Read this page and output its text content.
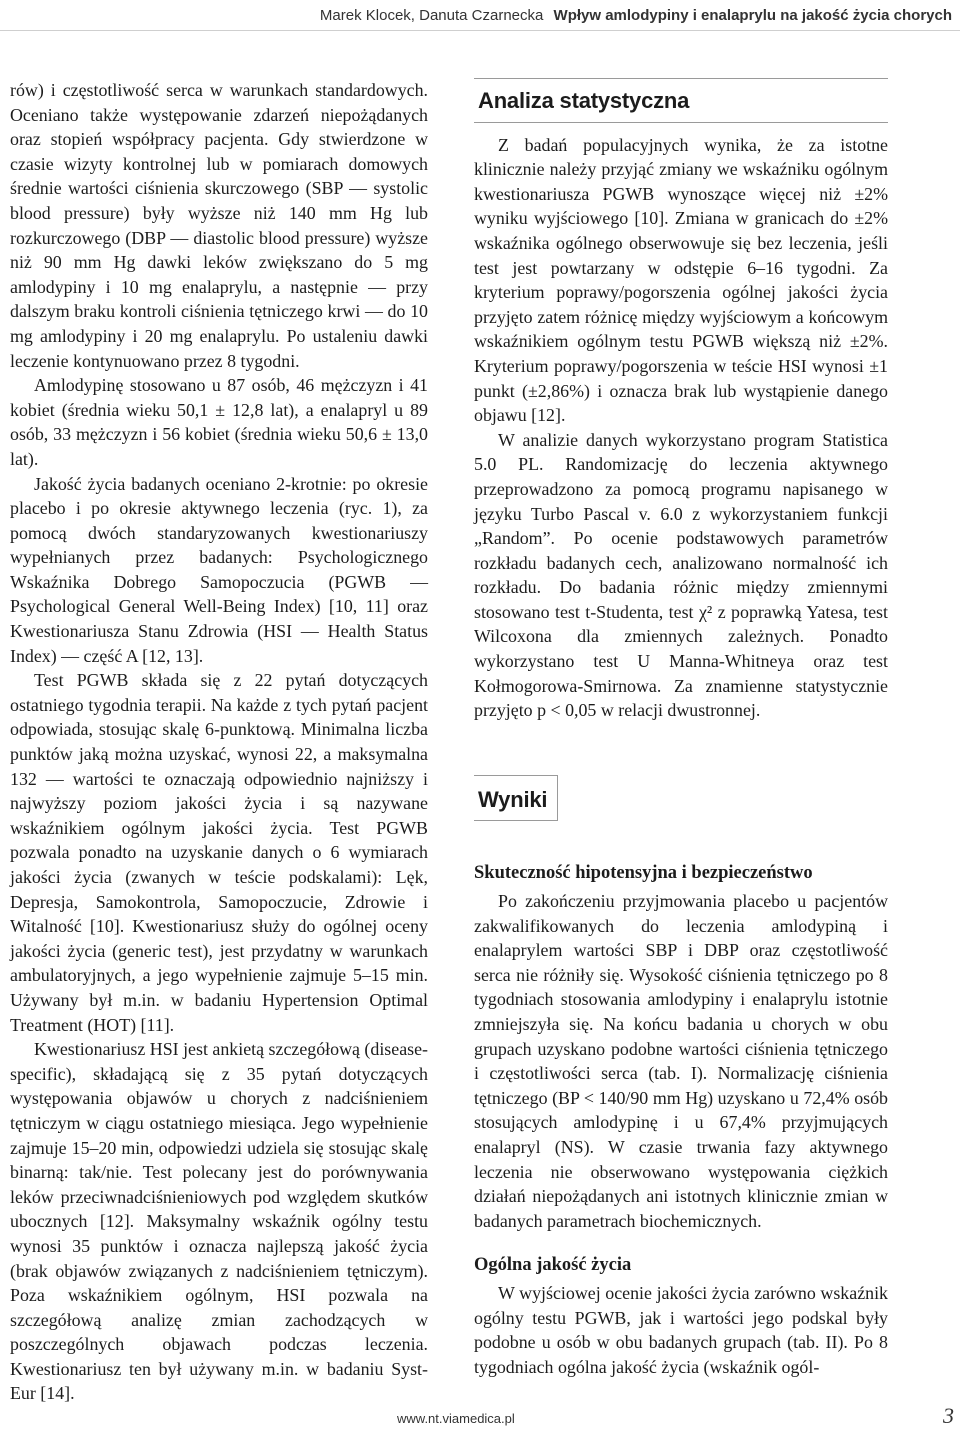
Marek Klocek, Danuta Czarnecka Wpływ amlodypiny i enalaprylu na jakość życia chorych

rów) i częstotliwość serca w warunkach standardowych. Oceniano także występowanie zdarzeń niepożądanych oraz stopień współpracy pacjenta. Gdy stwierdzone w czasie wizyty kontrolnej lub w pomiarach domowych średnie wartości ciśnienia skurczowego (SBP — systolic blood pressure) były wyższe niż 140 mm Hg lub rozkurczowego (DBP — diastolic blood pressure) wyższe niż 90 mm Hg dawki leków zwiększano do 5 mg amlodypiny i 10 mg enalaprylu, a następnie — przy dalszym braku kontroli ciśnienia tętniczego krwi — do 10 mg amlodypiny i 20 mg enalaprylu. Po ustaleniu dawki leczenie kontynuowano przez 8 tygodni.

Amlodypinę stosowano u 87 osób, 46 mężczyzn i 41 kobiet (średnia wieku 50,1 ± 12,8 lat), a enalapryl u 89 osób, 33 mężczyzn i 56 kobiet (średnia wieku 50,6 ± 13,0 lat).

Jakość życia badanych oceniano 2-krotnie: po okresie placebo i po okresie aktywnego leczenia (ryc. 1), za pomocą dwóch standaryzowanych kwestionariuszy wypełnianych przez badanych: Psychologicznego Wskaźnika Dobrego Samopoczucia (PGWB — Psychological General Well-Being Index) [10, 11] oraz Kwestionariusza Stanu Zdrowia (HSI — Health Status Index) — część A [12, 13].

Test PGWB składa się z 22 pytań dotyczących ostatniego tygodnia terapii. Na każde z tych pytań pacjent odpowiada, stosując skalę 6-punktową. Minimalna liczba punktów jaką można uzyskać, wynosi 22, a maksymalna 132 — wartości te oznaczają odpowiednio najniższy i najwyższy poziom jakości życia i są nazywane wskaźnikiem ogólnym jakości życia. Test PGWB pozwala ponadto na uzyskanie danych o 6 wymiarach jakości życia (zwanych w teście podskalami): Lęk, Depresja, Samokontrola, Samopoczucie, Zdrowie i Witalność [10]. Kwestionariusz służy do ogólnej oceny jakości życia (generic test), jest przydatny w warunkach ambulatoryjnych, a jego wypełnienie zajmuje 5–15 min. Używany był m.in. w badaniu Hypertension Optimal Treatment (HOT) [11].

Kwestionariusz HSI jest ankietą szczegółową (disease-specific), składającą się z 35 pytań dotyczących występowania objawów u chorych z nadciśnieniem tętniczym w ciągu ostatniego miesiąca. Jego wypełnienie zajmuje 15–20 min, odpowiedzi udziela się stosując skalę binarną: tak/nie. Test polecany jest do porównywania leków przeciwnadciśnieniowych pod względem skutków ubocznych [12]. Maksymalny wskaźnik ogólny testu wynosi 35 punktów i oznacza najlepszą jakość życia (brak objawów związanych z nadciśnieniem tętniczym). Poza wskaźnikiem ogólnym, HSI pozwala na szczegółową analizę zmian zachodzących w poszczególnych objawach podczas leczenia. Kwestionariusz ten był używany m.in. w badaniu Syst-Eur [14].

Analiza statystyczna

Z badań populacyjnych wynika, że za istotne klinicznie należy przyjąć zmiany we wskaźniku ogólnym kwestionariusza PGWB wynoszące więcej niż ±2% wyniku wyjściowego [10]. Zmiana w granicach do ±2% wskaźnika ogólnego obserwowuje się bez leczenia, jeśli test jest powtarzany w odstępie 6–16 tygodni. Za kryterium poprawy/pogorszenia ogólnej jakości życia przyjęto zatem różnicę między wyjściowym a końcowym wskaźnikiem ogólnym testu PGWB większą niż ±2%. Kryterium poprawy/pogorszenia w teście HSI wynosi ±1 punkt (±2,86%) i oznacza brak lub wystąpienie danego objawu [12].

W analizie danych wykorzystano program Statistica 5.0 PL. Randomizację do leczenia aktywnego przeprowadzono za pomocą programu napisanego w języku Turbo Pascal v. 6.0 z wykorzystaniem funkcji „Random”. Po ocenie podstawowych parametrów rozkładu badanych cech, analizowano normalność ich rozkładu. Do badania różnic między zmiennymi stosowano test t-Studenta, test χ² z poprawką Yatesa, test Wilcoxona dla zmiennych zależnych. Ponadto wykorzystano test U Manna-Whitneya oraz test Kołmogorowa-Smirnowa. Za znamienne statystycznie przyjęto p < 0,05 w relacji dwustronnej.

Wyniki
Skuteczność hipotensyjna i bezpieczeństwo

Po zakończeniu przyjmowania placebo u pacjentów zakwalifikowanych do leczenia amlodypiną i enalaprylem wartości SBP i DBP oraz częstotliwość serca nie różniły się. Wysokość ciśnienia tętniczego po 8 tygodniach stosowania amlodypiny i enalaprylu istotnie zmniejszyła się. Na końcu badania u chorych w obu grupach uzyskano podobne wartości ciśnienia tętniczego i częstotliwości serca (tab. I). Normalizację ciśnienia tętniczego (BP < 140/90 mm Hg) uzyskano u 72,4% osób stosujących amlodypinę i u 67,4% przyjmujących enalapryl (NS). W czasie trwania fazy aktywnego leczenia nie obserwowano występowania ciężkich działań niepożądanych ani istotnych klinicznie zmian w badanych parametrach biochemicznych.

Ogólna jakość życia

W wyjściowej ocenie jakości życia zarówno wskaźnik ogólny testu PGWB, jak i wartości jego podskal były podobne u osób w obu badanych grupach (tab. II). Po 8 tygodniach ogólna jakość życia (wskaźnik ogól-

www.nt.viamedica.pl	3
